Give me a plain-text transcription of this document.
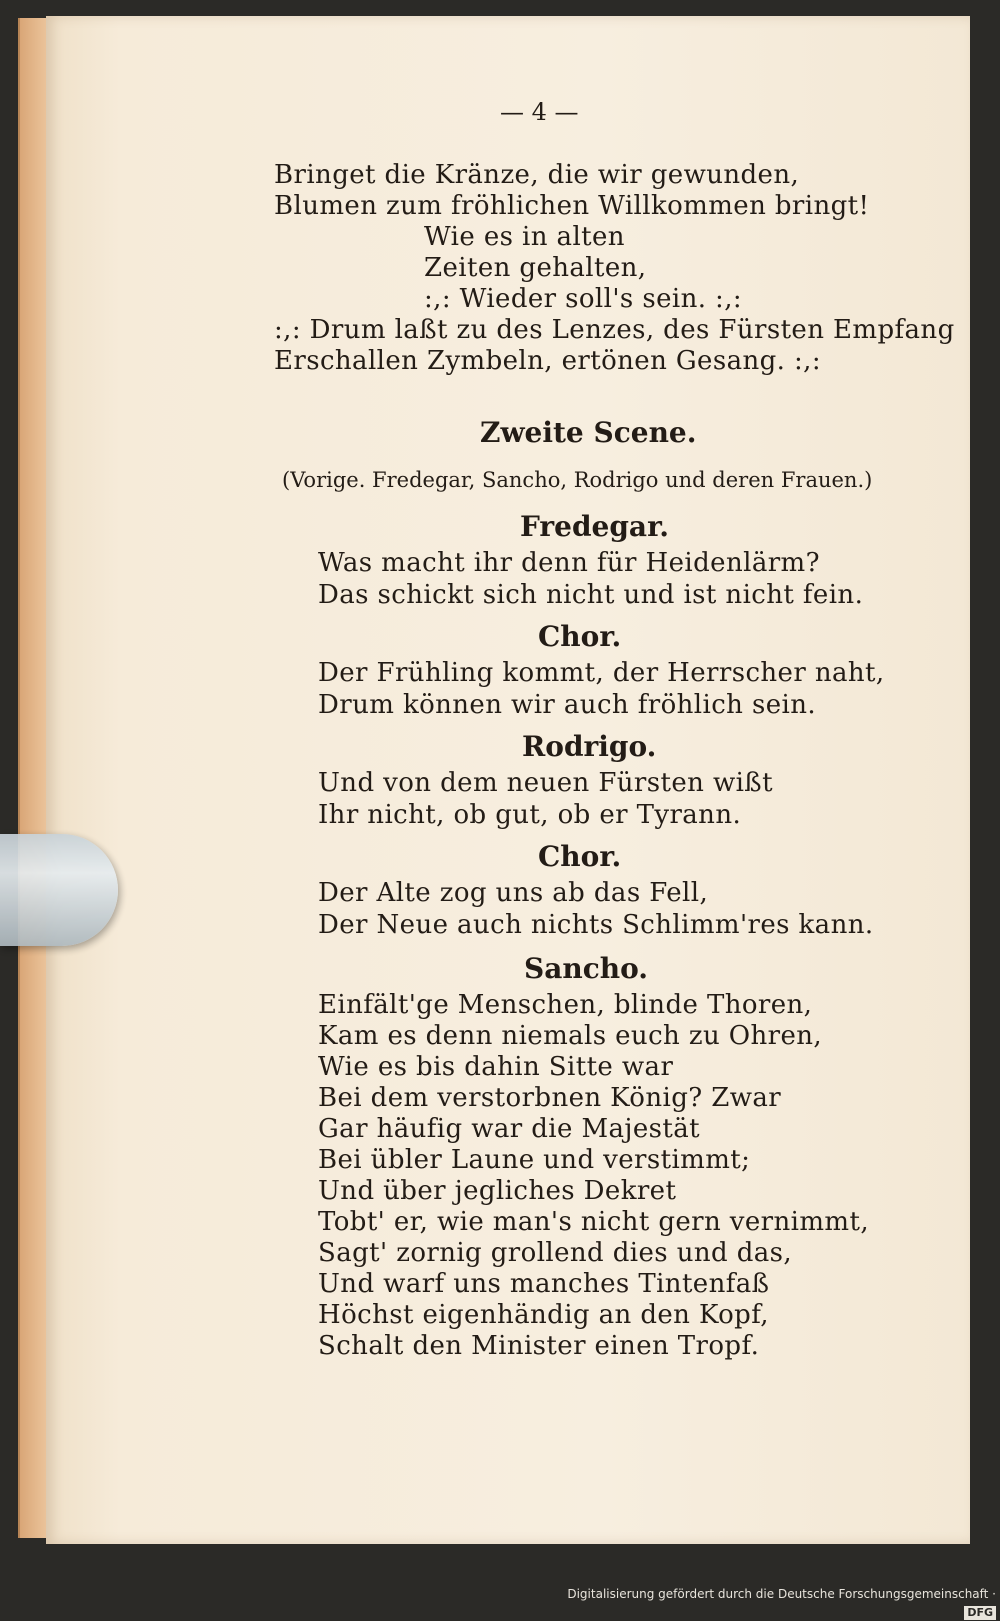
— 4 —
Bringet die Kränze, die wir gewunden,
Blumen zum fröhlichen Willkommen bringt!
Wie es in alten
Zeiten gehalten,
:,: Wieder soll's sein. :,:
:,: Drum laßt zu des Lenzes, des Fürsten Empfang
Erschallen Zymbeln, ertönen Gesang. :,:
Zweite Scene.
(Vorige. Fredegar, Sancho, Rodrigo und deren Frauen.)
Fredegar.
Was macht ihr denn für Heidenlärm?
Das schickt sich nicht und ist nicht fein.
Chor.
Der Frühling kommt, der Herrscher naht,
Drum können wir auch fröhlich sein.
Rodrigo.
Und von dem neuen Fürsten wißt
Ihr nicht, ob gut, ob er Tyrann.
Chor.
Der Alte zog uns ab das Fell,
Der Neue auch nichts Schlimm'res kann.
Sancho.
Einfält'ge Menschen, blinde Thoren,
Kam es denn niemals euch zu Ohren,
Wie es bis dahin Sitte war
Bei dem verstorbnen König? Zwar
Gar häufig war die Majestät
Bei übler Laune und verstimmt;
Und über jegliches Dekret
Tobt' er, wie man's nicht gern vernimmt,
Sagt' zornig grollend dies und das,
Und warf uns manches Tintenfaß
Höchst eigenhändig an den Kopf,
Schalt den Minister einen Tropf.
Digitalisierung gefördert durch die Deutsche Forschungsgemeinschaft ·DFG
